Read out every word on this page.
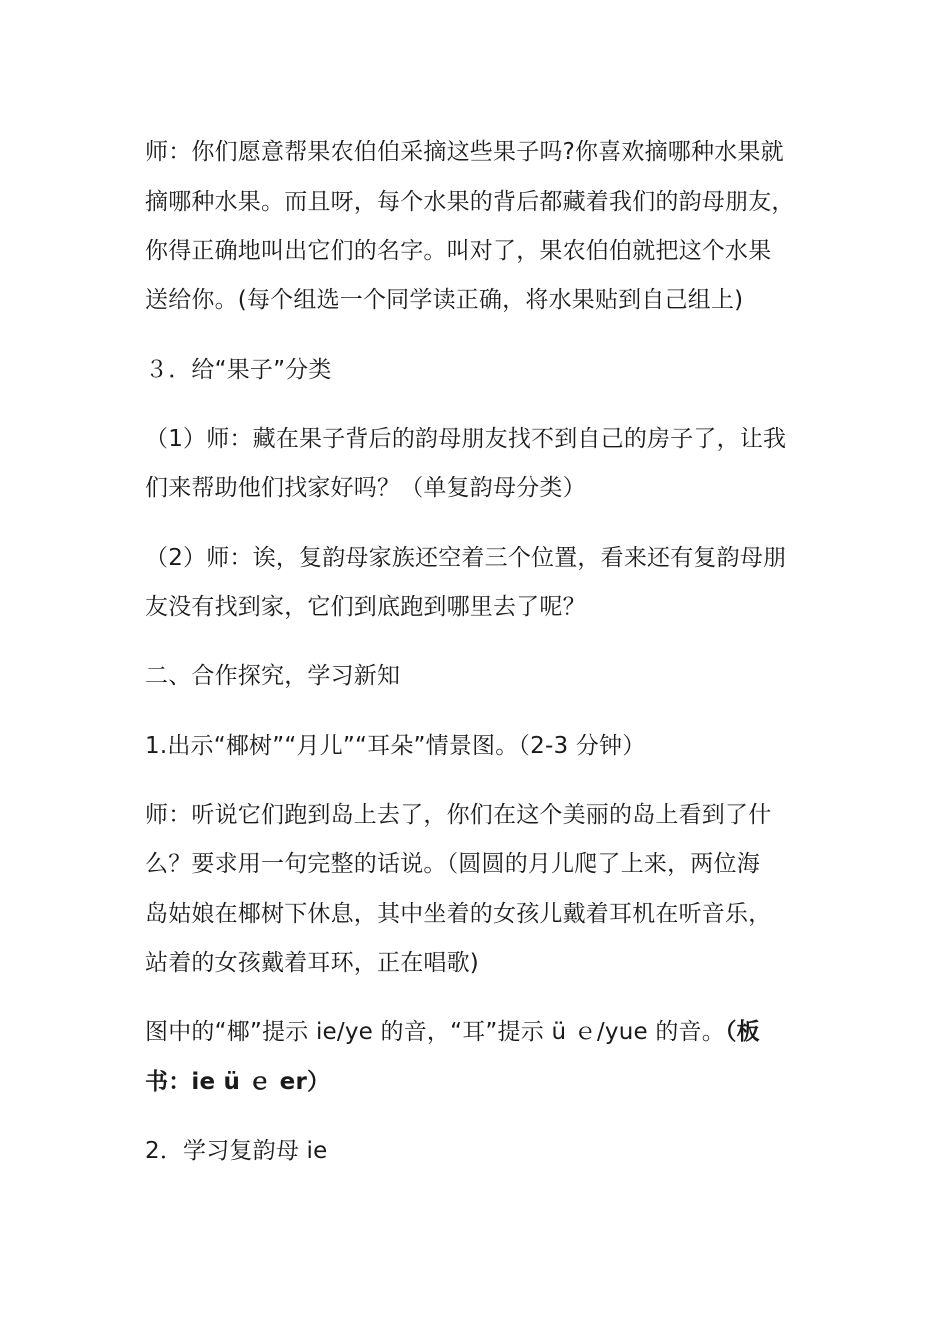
师：你们愿意帮果农伯伯采摘这些果子吗?你喜欢摘哪种水果就
摘哪种水果。而且呀，每个水果的背后都藏着我们的韵母朋友，
你得正确地叫出它们的名字。叫对了，果农伯伯就把这个水果
送给你。(每个组选一个同学读正确，将水果贴到自己组上)
３．给“果子”分类
（1）师：藏在果子背后的韵母朋友找不到自己的房子了，让我
们来帮助他们找家好吗？（单复韵母分类）
（2）师：诶，复韵母家族还空着三个位置，看来还有复韵母朋
友没有找到家，它们到底跑到哪里去了呢？
二、合作探究，学习新知
1.出示“椰树”“月儿”“耳朵”情景图。（2-3 分钟）
师：听说它们跑到岛上去了，你们在这个美丽的岛上看到了什
么？要求用一句完整的话说。（圆圆的月儿爬了上来，两位海
岛姑娘在椰树下休息，其中坐着的女孩儿戴着耳机在听音乐，
站着的女孩戴着耳环，正在唱歌)
图中的“椰”提示 ie/ye 的音，“耳”提示 ü ｅ/yue 的音。（板
书：ie ü ｅ er）
2．学习复韵母 ie
